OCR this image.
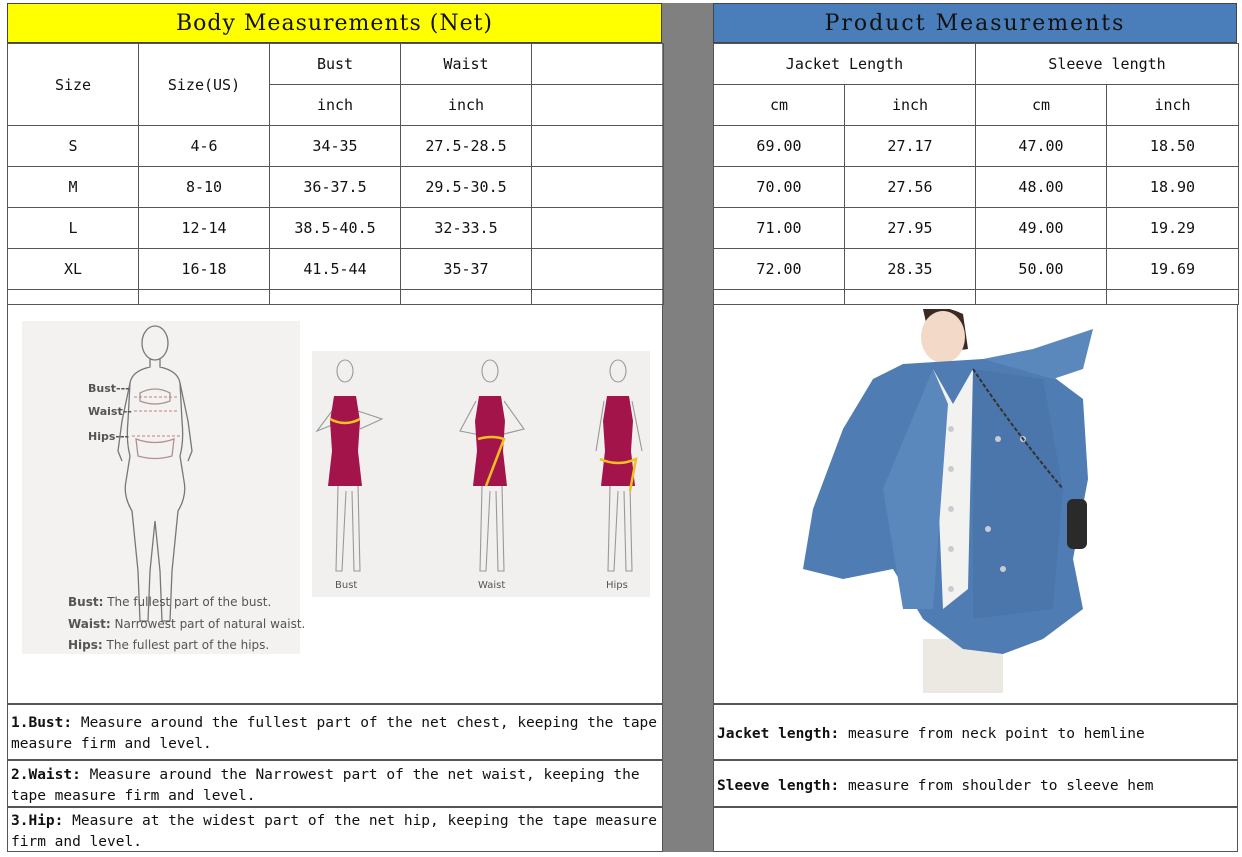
Body Measurements (Net)	Product Measurements
Size	Size(US)	Bust	Waist	
		inch	inch	
S	4-6	34-35	27.5-28.5	
M	8-10	36-37.5	29.5-30.5	
L	12-14	38.5-40.5	32-33.5	
XL	16-18	41.5-44	35-37	

Jacket Length		Sleeve length	
cm	inch	cm	inch
69.00	27.17	47.00	18.50
70.00	27.56	48.00	18.90
71.00	27.95	49.00	19.29
72.00	28.35	50.00	19.69

Bust---
Waist--
Hips---
Bust: The fullest part of the bust.
Waist: Narrowest part of natural waist.
Hips: The fullest part of the hips.
Bust	Waist	Hips
1.Bust: Measure around the fullest part of the net chest, keeping the tape measure firm and level.
2.Waist: Measure around the Narrowest part of the net waist, keeping the tape measure firm and level.
3.Hip: Measure at the widest part of the net hip, keeping the tape measure firm and level.
Jacket length: measure from neck point to hemline
Sleeve length: measure from shoulder to sleeve hem
